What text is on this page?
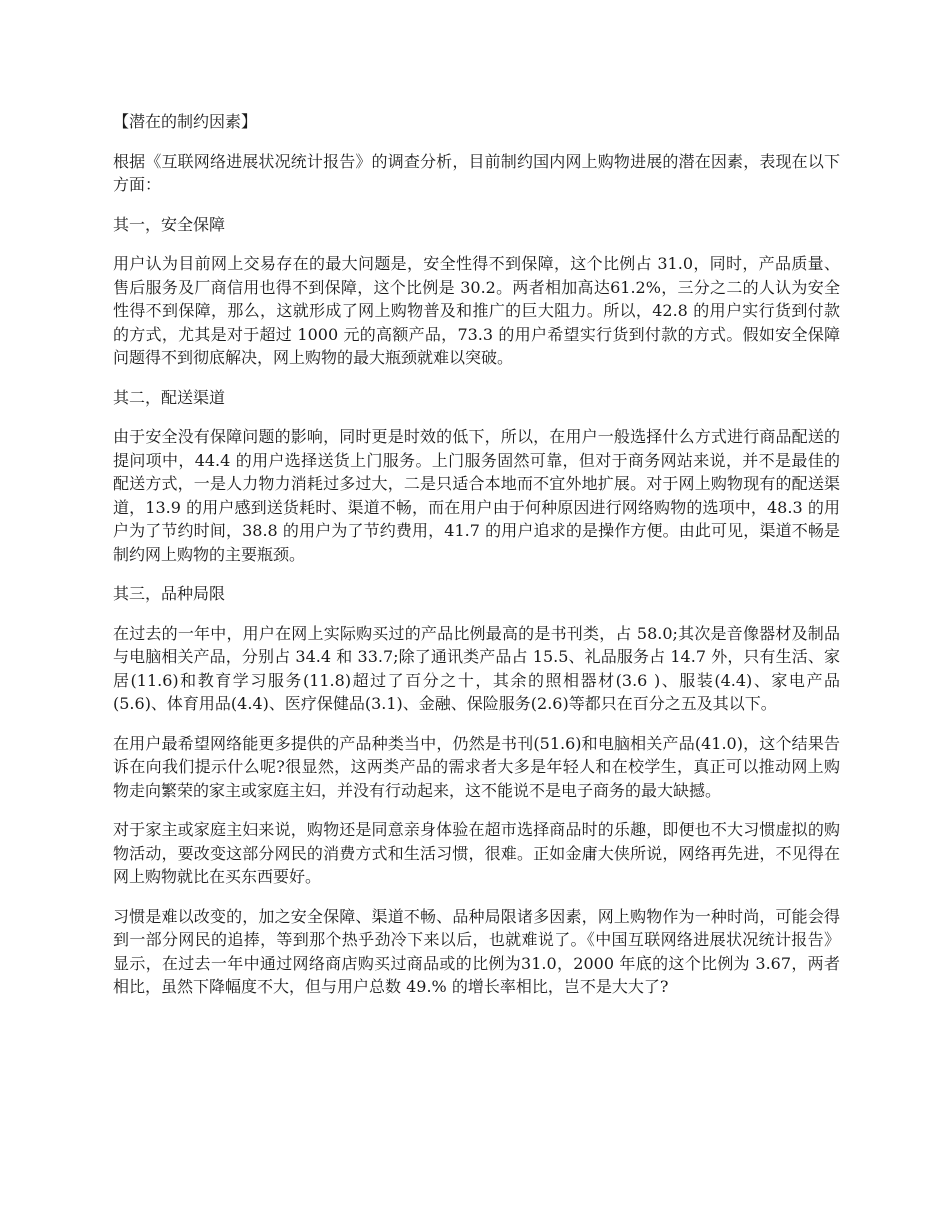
【潜在的制约因素】

根据《互联网络进展状况统计报告》的调查分析，目前制约国内网上购物进展的潜在因素，表现在以下方面：

其一，安全保障

用户认为目前网上交易存在的最大问题是，安全性得不到保障，这个比例占 31.0，同时，产品质量、售后服务及厂商信用也得不到保障，这个比例是 30.2。两者相加高达61.2%，三分之二的人认为安全性得不到保障，那么，这就形成了网上购物普及和推广的巨大阻力。所以，42.8 的用户实行货到付款的方式，尤其是对于超过 1000 元的高额产品，73.3 的用户希望实行货到付款的方式。假如安全保障问题得不到彻底解决，网上购物的最大瓶颈就难以突破。

其二，配送渠道

由于安全没有保障问题的影响，同时更是时效的低下，所以，在用户一般选择什么方式进行商品配送的提问项中，44.4 的用户选择送货上门服务。上门服务固然可靠，但对于商务网站来说，并不是最佳的配送方式，一是人力物力消耗过多过大，二是只适合本地而不宜外地扩展。对于网上购物现有的配送渠道，13.9 的用户感到送货耗时、渠道不畅，而在用户由于何种原因进行网络购物的选项中，48.3 的用户为了节约时间，38.8 的用户为了节约费用，41.7 的用户追求的是操作方便。由此可见，渠道不畅是制约网上购物的主要瓶颈。

其三，品种局限

在过去的一年中，用户在网上实际购买过的产品比例最高的是书刊类，占 58.0;其次是音像器材及制品与电脑相关产品，分别占 34.4 和 33.7;除了通讯类产品占 15.5、礼品服务占 14.7 外，只有生活、家居(11.6)和教育学习服务(11.8)超过了百分之十，其余的照相器材(3.6 )、服装(4.4)、家电产品(5.6)、体育用品(4.4)、医疗保健品(3.1)、金融、保险服务(2.6)等都只在百分之五及其以下。

在用户最希望网络能更多提供的产品种类当中，仍然是书刊(51.6)和电脑相关产品(41.0)，这个结果告诉在向我们提示什么呢?很显然，这两类产品的需求者大多是年轻人和在校学生，真正可以推动网上购物走向繁荣的家主或家庭主妇，并没有行动起来，这不能说不是电子商务的最大缺撼。

对于家主或家庭主妇来说，购物还是同意亲身体验在超市选择商品时的乐趣，即便也不大习惯虚拟的购物活动，要改变这部分网民的消费方式和生活习惯，很难。正如金庸大侠所说，网络再先进，不见得在网上购物就比在买东西要好。

习惯是难以改变的，加之安全保障、渠道不畅、品种局限诸多因素，网上购物作为一种时尚，可能会得到一部分网民的追捧，等到那个热乎劲冷下来以后，也就难说了。《中国互联网络进展状况统计报告》显示，在过去一年中通过网络商店购买过商品或的比例为31.0，2000 年底的这个比例为 3.67，两者相比，虽然下降幅度不大，但与用户总数 49.% 的增长率相比，岂不是大大了?
